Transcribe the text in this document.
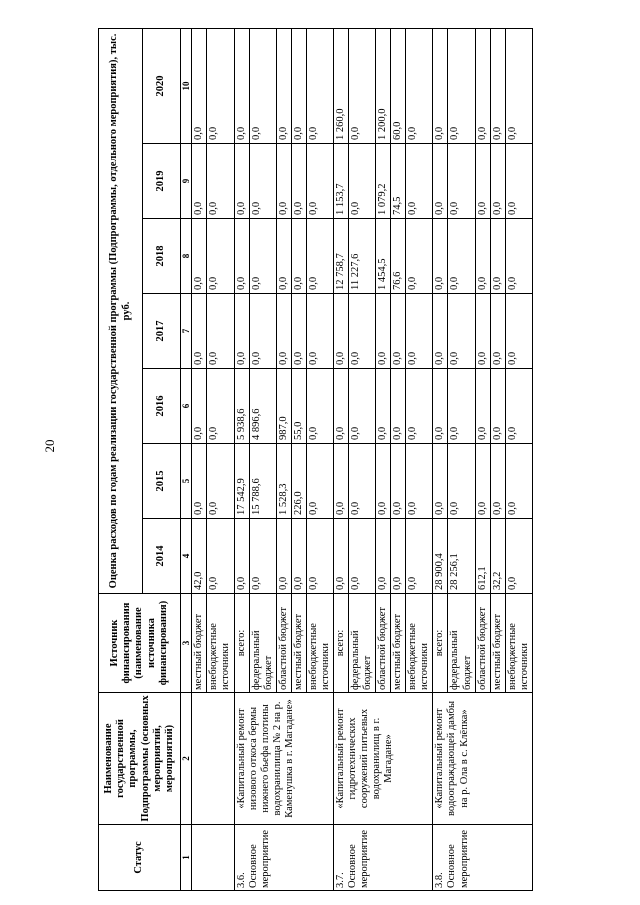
20
Статус	Наименование государственной программы, Подпрограммы (основных мероприятий, мероприятий)	Источник финансирования (наименование источника финансирования)	Оценка расходов по годам реализации государственной программы (Подпрограммы, отдельного мероприятия), тыс. руб.						
			2014	2015	2016	2017	2018	2019	2020
1	2	3	4	5	6	7	8	9	10
		местный бюджет	42,0	0,0	0,0	0,0	0,0	0,0	0,0
		внебюджетные источники	0,0	0,0	0,0	0,0	0,0	0,0	0,0
3.6. Основное мероприятие	«Капитальный ремонт низового откоса бермы нижнего бьефа плотины водохранилища № 2 на р. Каменушка в г. Магадане»	всего:	0,0	17 542,9	5 938,6	0,0	0,0	0,0	0,0
		федеральный бюджет	0,0	15 788,6	4 896,6	0,0	0,0	0,0	0,0
		областной бюджет	0,0	1 528,3	987,0	0,0	0,0	0,0	0,0
		местный бюджет	0,0	226,0	55,0	0,0	0,0	0,0	0,0
		внебюджетные источники	0,0	0,0	0,0	0,0	0,0	0,0	0,0
3.7. Основное мероприятие	«Капитальный ремонт гидротехнических сооружений питьевых водохранилищ в г. Магадане»	всего:	0,0	0,0	0,0	0,0	12 758,7	1 153,7	1 260,0
		федеральный бюджет	0,0	0,0	0,0	0,0	11 227,6	0,0	0,0
		областной бюджет	0,0	0,0	0,0	0,0	1 454,5	1 079,2	1 200,0
		местный бюджет	0,0	0,0	0,0	0,0	76,6	74,5	60,0
		внебюджетные источники	0,0	0,0	0,0	0,0	0,0	0,0	0,0
3.8. Основное мероприятие	«Капитальный ремонт водоограждающей дамбы на р. Ола в с. Клёпка»	всего:	28 900,4	0,0	0,0	0,0	0,0	0,0	0,0
		федеральный бюджет	28 256,1	0,0	0,0	0,0	0,0	0,0	0,0
		областной бюджет	612,1	0,0	0,0	0,0	0,0	0,0	0,0
		местный бюджет	32,2	0,0	0,0	0,0	0,0	0,0	0,0
		внебюджетные источники	0,0	0,0	0,0	0,0	0,0	0,0	0,0
